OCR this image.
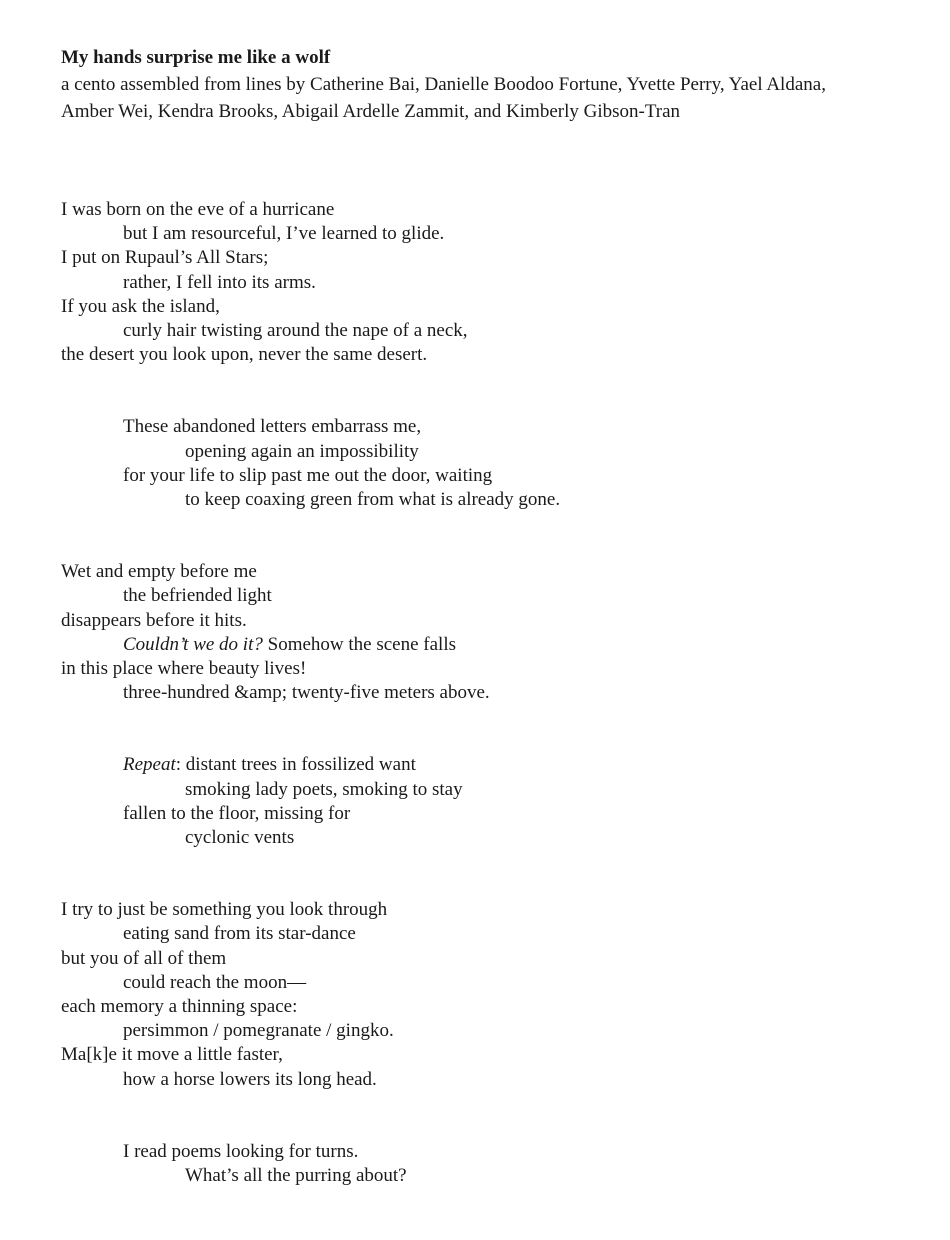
My hands surprise me like a wolf
a cento assembled from lines by Catherine Bai, Danielle Boodoo Fortune, Yvette Perry, Yael Aldana, Amber Wei, Kendra Brooks, Abigail Ardelle Zammit, and Kimberly Gibson-Tran
I was born on the eve of a hurricane
but I am resourceful, I’ve learned to glide.
I put on Rupaul’s All Stars;
rather, I fell into its arms.
If you ask the island,
curly hair twisting around the nape of a neck,
the desert you look upon, never the same desert.
These abandoned letters embarrass me,
opening again an impossibility
for your life to slip past me out the door, waiting
to keep coaxing green from what is already gone.
Wet and empty before me
the befriended light
disappears before it hits.
Couldn’t we do it? Somehow the scene falls
in this place where beauty lives!
three-hundred &amp; twenty-five meters above.
Repeat: distant trees in fossilized want
smoking lady poets, smoking to stay
fallen to the floor, missing for
cyclonic vents
I try to just be something you look through
eating sand from its star-dance
but you of all of them
could reach the moon—
each memory a thinning space:
persimmon / pomegranate / gingko.
Ma[k]e it move a little faster,
how a horse lowers its long head.
I read poems looking for turns.
What’s all the purring about?
